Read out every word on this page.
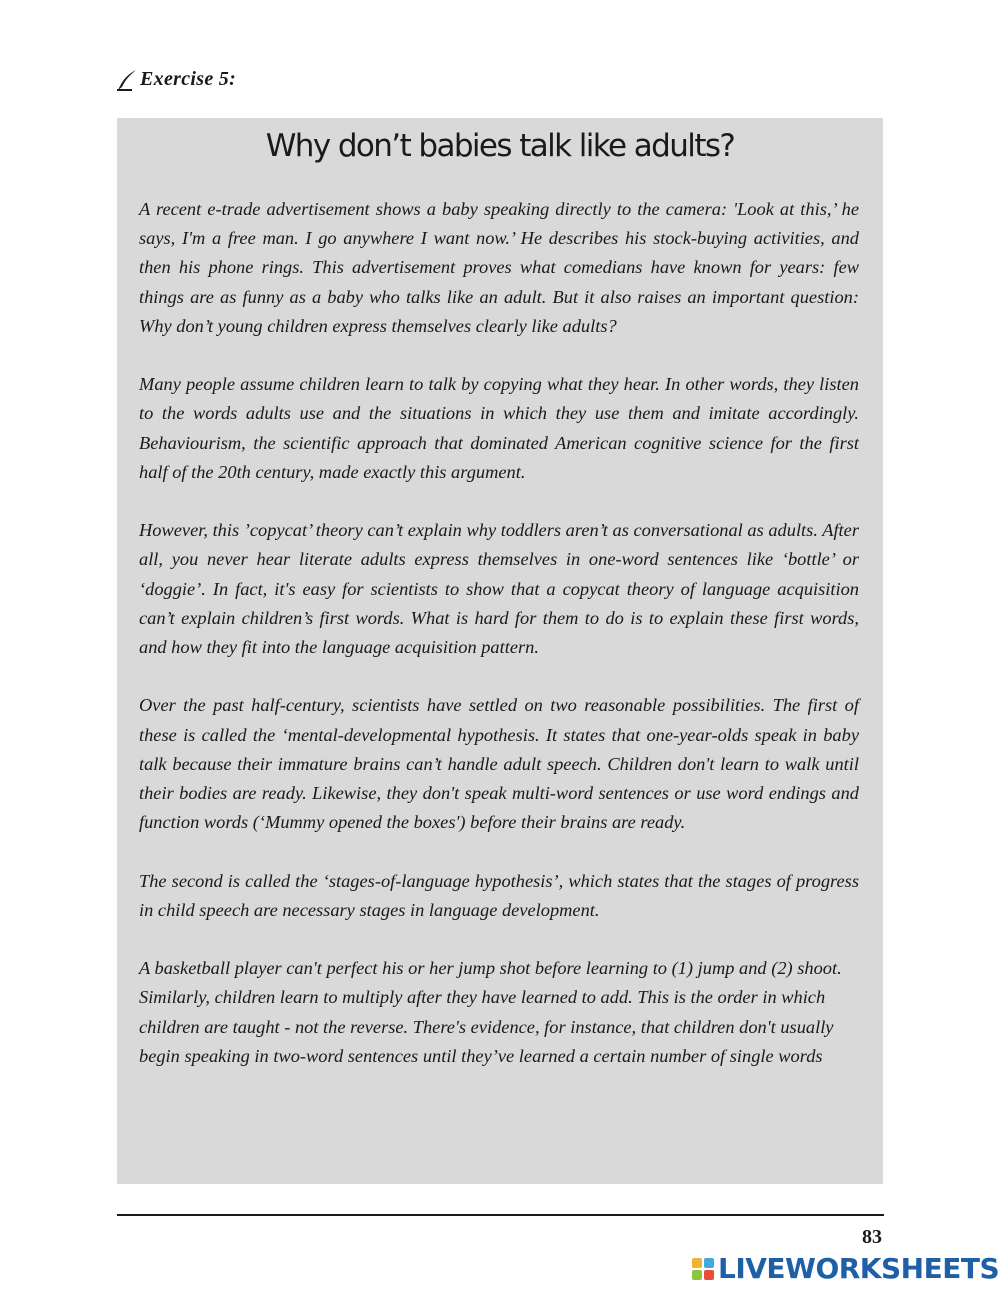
Exercise 5:
Why don’t babies talk like adults?

A recent e-trade advertisement shows a baby speaking directly to the camera: 'Look at this,’ he says, I'm a free man. I go anywhere I want now.’ He describes his stock-buying activities, and then his phone rings. This advertisement proves what comedians have known for years: few things are as funny as a baby who talks like an adult. But it also raises an important question: Why don’t young children express themselves clearly like adults?

Many people assume children learn to talk by copying what they hear. In other words, they listen to the words adults use and the situations in which they use them and imitate accordingly. Behaviourism, the scientific approach that dominated American cognitive science for the first half of the 20th century, made exactly this argument.

However, this ’copycat’ theory can’t explain why toddlers aren’t as conversational as adults. After all, you never hear literate adults express themselves in one-word sentences like ‘bottle’ or ‘doggie’. In fact, it's easy for scientists to show that a copycat theory of language acquisition can’t explain children’s first words. What is hard for them to do is to explain these first words, and how they fit into the language acquisition pattern.

Over the past half-century, scientists have settled on two reasonable possibilities. The first of these is called the ‘mental-developmental hypothesis. It states that one-year-olds speak in baby talk because their immature brains can’t handle adult speech. Children don't learn to walk until their bodies are ready. Likewise, they don't speak multi-word sentences or use word endings and function words (‘Mummy opened the boxes') before their brains are ready.

The second is called the ‘stages-of-language hypothesis’, which states that the stages of progress in child speech are necessary stages in language development.

A basketball player can't perfect his or her jump shot before learning to (1) jump and (2) shoot. Similarly, children learn to multiply after they have learned to add. This is the order in which children are taught - not the reverse. There's evidence, for instance, that children don't usually begin speaking in two-word sentences until they’ve learned a certain number of single words

83
LIVEWORKSHEETS
